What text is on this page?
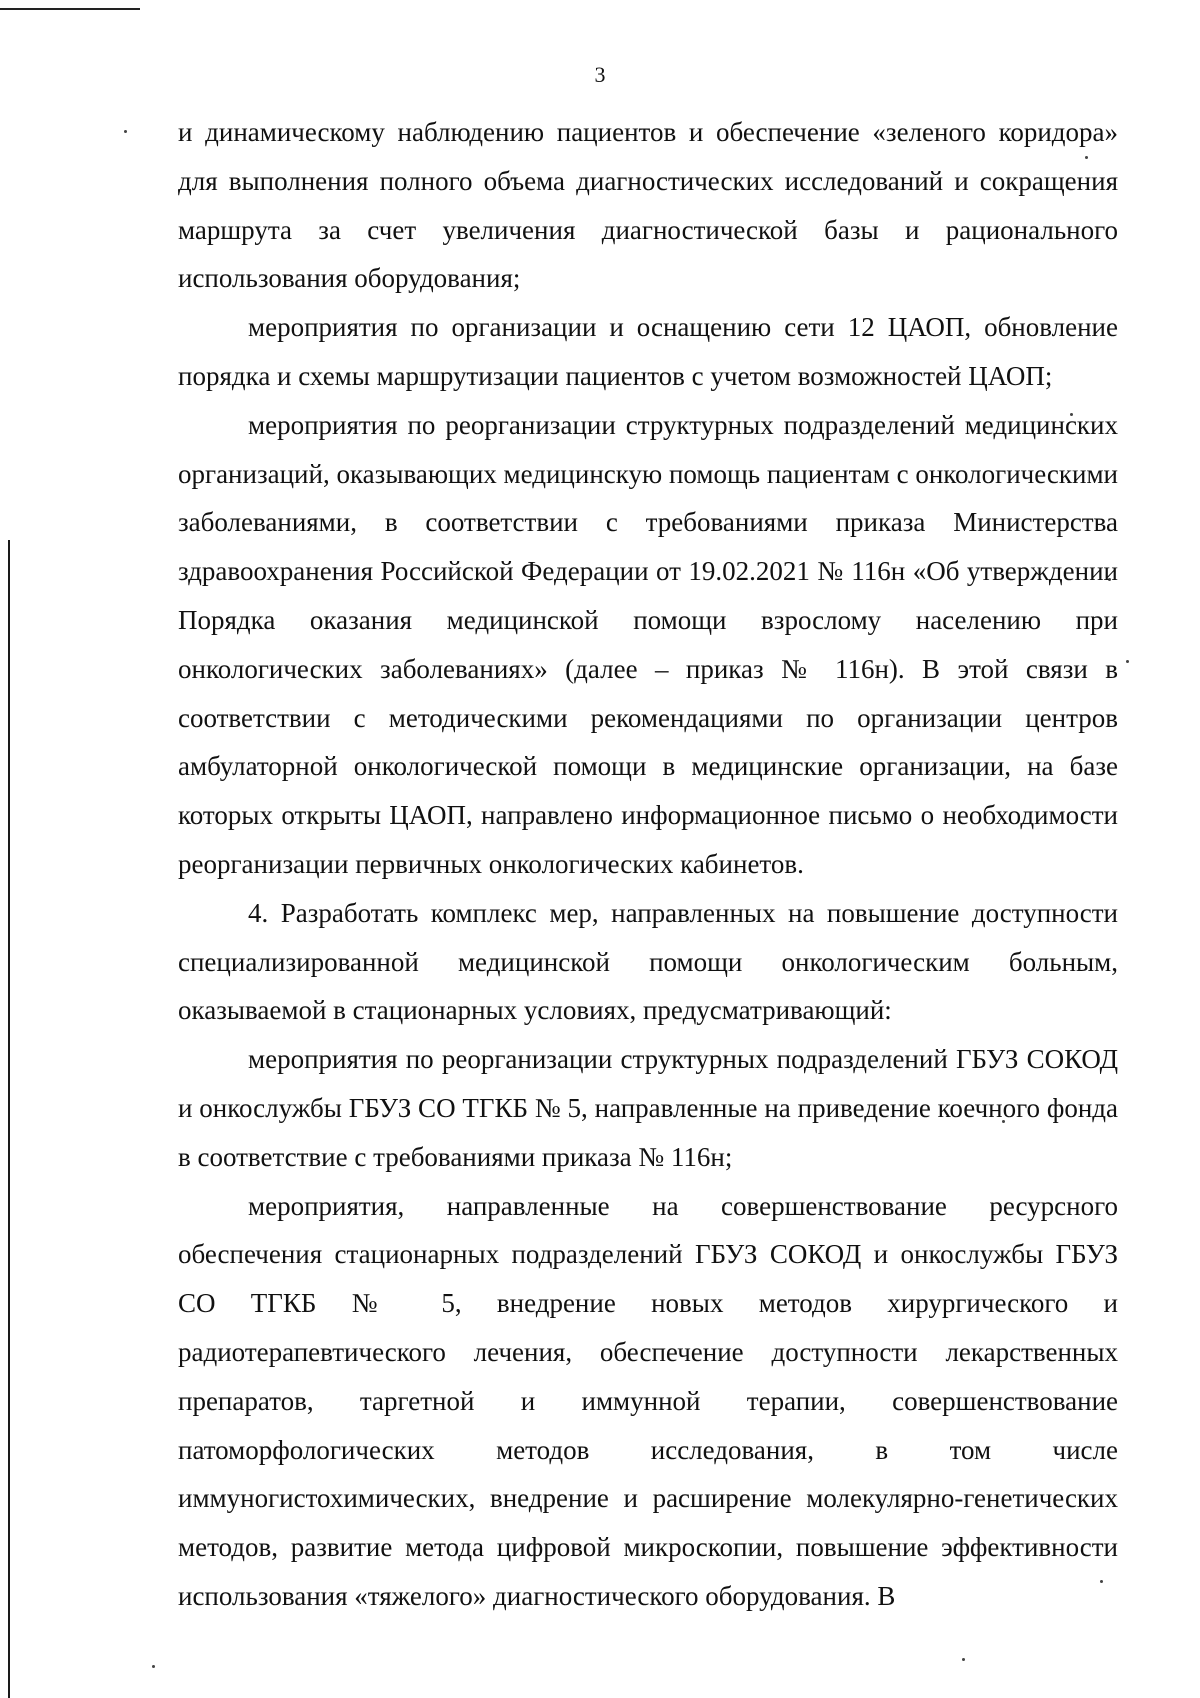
3

и динамическому наблюдению пациентов и обеспечение «зеленого коридора» для выполнения полного объема диагностических исследований и сокращения маршрута за счет увеличения диагностической базы и рационального использования оборудования;

мероприятия по организации и оснащению сети 12 ЦАОП, обновление порядка и схемы маршрутизации пациентов с учетом возможностей ЦАОП;

мероприятия по реорганизации структурных подразделений медицинских организаций, оказывающих медицинскую помощь пациентам с онкологическими заболеваниями, в соответствии с требованиями приказа Министерства здравоохранения Российской Федерации от 19.02.2021 № 116н «Об утверждении Порядка оказания медицинской помощи взрослому населению при онкологических заболеваниях» (далее – приказ № 116н). В этой связи в соответствии с методическими рекомендациями по организации центров амбулаторной онкологической помощи в медицинские организации, на базе которых открыты ЦАОП, направлено информационное письмо о необходимости реорганизации первичных онкологических кабинетов.

4. Разработать комплекс мер, направленных на повышение доступности специализированной медицинской помощи онкологическим больным, оказываемой в стационарных условиях, предусматривающий:

мероприятия по реорганизации структурных подразделений ГБУЗ СОКОД и онкослужбы ГБУЗ СО ТГКБ № 5, направленные на приведение коечного фонда в соответствие с требованиями приказа № 116н;

мероприятия, направленные на совершенствование ресурсного обеспечения стационарных подразделений ГБУЗ СОКОД и онкослужбы ГБУЗ СО ТГКБ № 5, внедрение новых методов хирургического и радиотерапевтического лечения, обеспечение доступности лекарственных препаратов, таргетной и иммунной терапии, совершенствование патоморфологических методов исследования, в том числе иммуногистохимических, внедрение и расширение молекулярно-генетических методов, развитие метода цифровой микроскопии, повышение эффективности использования «тяжелого» диагностического оборудования. В
